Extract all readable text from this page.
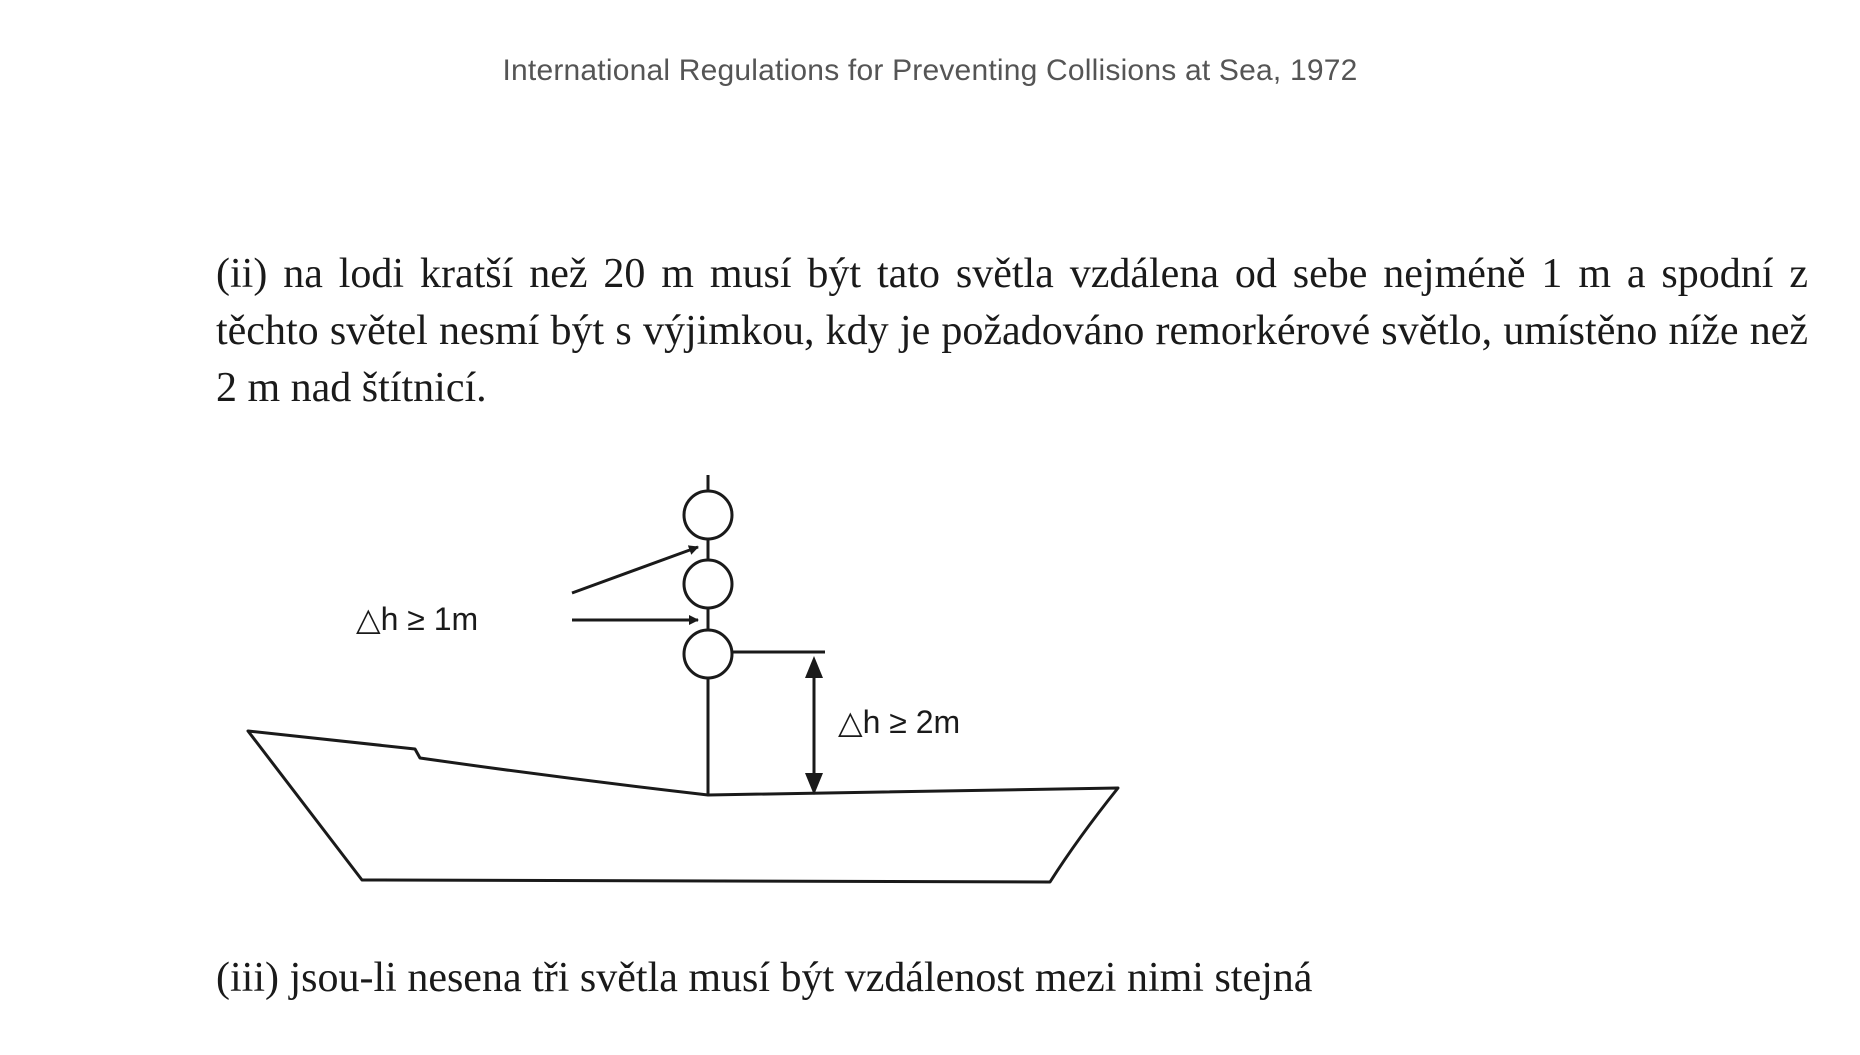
International Regulations for Preventing Collisions at Sea, 1972
(ii) na lodi kratší než 20 m musí být tato světla vzdálena od sebe nejméně 1 m a spodní z těchto světel nesmí být s výjimkou, kdy je požadováno remorkérové světlo, umístěno níže než 2 m nad štítnicí.
△h ≥ 1m
△h ≥ 2m
(iii) jsou-li nesena tři světla musí být vzdálenost mezi nimi stejná
